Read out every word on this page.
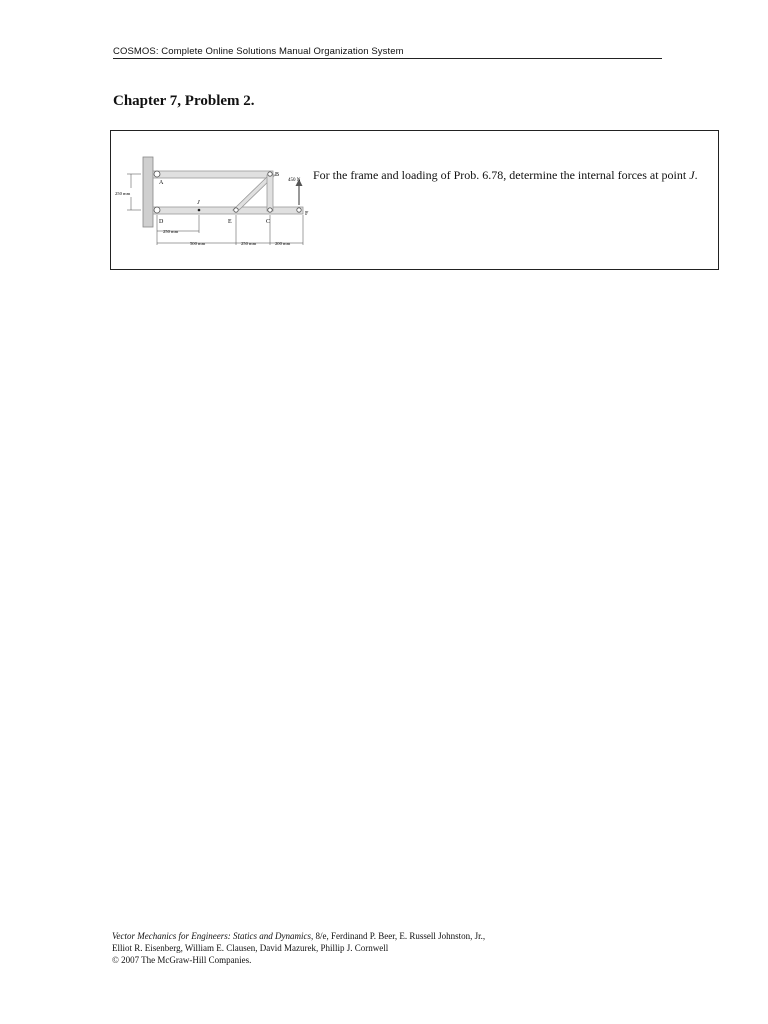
COSMOS: Complete Online Solutions Manual Organization System
Chapter 7, Problem 2.
A
B
C
D	E
F
J
450 N
250 mm
250 mm
500 mm	250 mm	200 mm
For the frame and loading of Prob. 6.78, determine the internal forces at point J.
Vector Mechanics for Engineers: Statics and Dynamics, 8/e, Ferdinand P. Beer, E. Russell Johnston, Jr.,
Elliot R. Eisenberg, William E. Clausen, David Mazurek, Phillip J. Cornwell
© 2007 The McGraw-Hill Companies.
